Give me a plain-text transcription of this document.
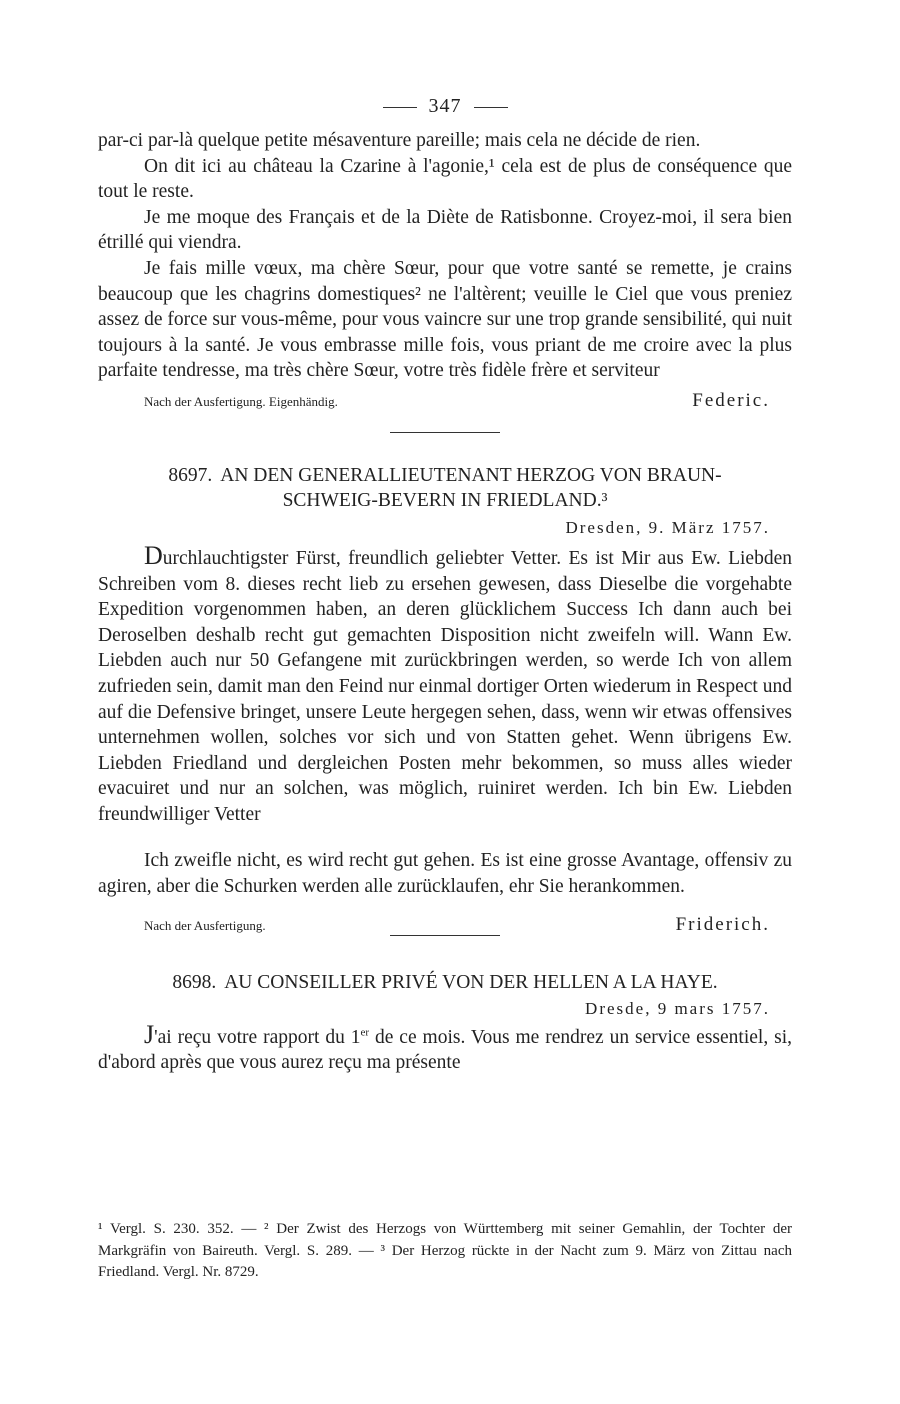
347

par-ci par-là quelque petite mésaventure pareille; mais cela ne décide de rien.

On dit ici au château la Czarine à l'agonie,¹ cela est de plus de conséquence que tout le reste.

Je me moque des Français et de la Diète de Ratisbonne. Croyez-moi, il sera bien étrillé qui viendra.

Je fais mille vœux, ma chère Sœur, pour que votre santé se remette, je crains beaucoup que les chagrins domestiques² ne l'altèrent; veuille le Ciel que vous preniez assez de force sur vous-même, pour vous vaincre sur une trop grande sensibilité, qui nuit toujours à la santé. Je vous embrasse mille fois, vous priant de me croire avec la plus parfaite tendresse, ma très chère Sœur, votre très fidèle frère et serviteur

Nach der Ausfertigung. Eigenhändig.	Federic.
8697. AN DEN GENERALLIEUTENANT HERZOG VON BRAUN-
SCHWEIG-BEVERN IN FRIEDLAND.³
Dresden, 9. März 1757.

Durchlauchtigster Fürst, freundlich geliebter Vetter. Es ist Mir aus Ew. Liebden Schreiben vom 8. dieses recht lieb zu ersehen gewesen, dass Dieselbe die vorgehabte Expedition vorgenommen haben, an deren glücklichem Success Ich dann auch bei Deroselben deshalb recht gut gemachten Disposition nicht zweifeln will. Wann Ew. Liebden auch nur 50 Gefangene mit zurückbringen werden, so werde Ich von allem zufrieden sein, damit man den Feind nur einmal dortiger Orten wiederum in Respect und auf die Defensive bringet, unsere Leute hergegen sehen, dass, wenn wir etwas offensives unternehmen wollen, solches vor sich und von Statten gehet. Wenn übrigens Ew. Liebden Friedland und dergleichen Posten mehr bekommen, so muss alles wieder evacuiret und nur an solchen, was möglich, ruiniret werden. Ich bin Ew. Liebden freundwilliger Vetter

Ich zweifle nicht, es wird recht gut gehen. Es ist eine grosse Avantage, offensiv zu agiren, aber die Schurken werden alle zurücklaufen, ehr Sie herankommen.

Nach der Ausfertigung.	Friderich.
8698. AU CONSEILLER PRIVÉ VON DER HELLEN A LA HAYE.
Dresde, 9 mars 1757.

J'ai reçu votre rapport du 1er de ce mois. Vous me rendrez un service essentiel, si, d'abord après que vous aurez reçu ma présente

¹ Vergl. S. 230. 352. — ² Der Zwist des Herzogs von Württemberg mit seiner Gemahlin, der Tochter der Markgräfin von Baireuth. Vergl. S. 289. — ³ Der Herzog rückte in der Nacht zum 9. März von Zittau nach Friedland. Vergl. Nr. 8729.
